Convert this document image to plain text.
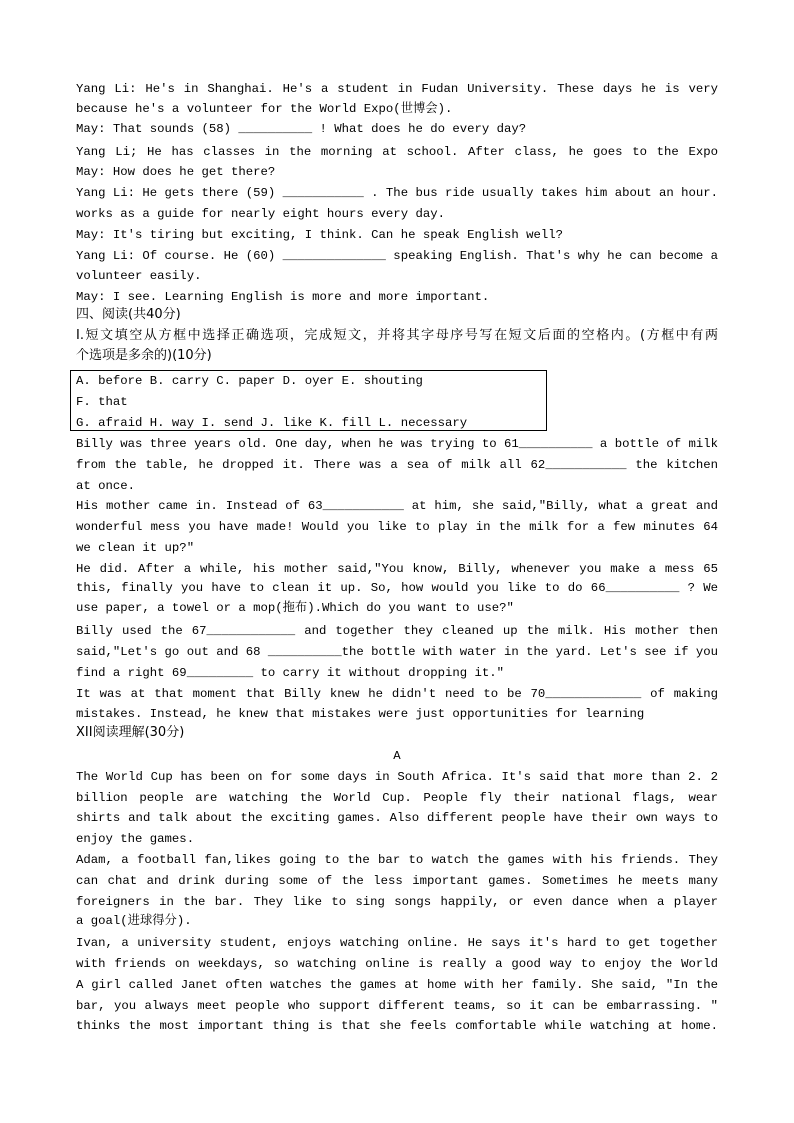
Yang Li: He's in Shanghai. He's a student in Fudan University. These days he is very
because he's a volunteer for the World Expo(世博会).
May: That sounds (58) __________ ! What does he do every day?
Yang Li; He has classes in the morning at school. After class, he goes to the Expo
May: How does he get there?
Yang Li: He gets there (59) ___________ . The bus ride usually takes him about an hour.
works as a guide for nearly eight hours every day.
May: It's tiring but exciting, I think. Can he speak English well?
Yang Li: Of course. He (60) ______________ speaking English. That's why he can become a
volunteer easily.
May: I see. Learning English is more and more important.
四、阅读(共40分)
I.短文填空从方框中选择正确选项，完成短文，并将其字母序号写在短文后面的空格内。(方框中有两
个选项是多余的)(10分)
A. before B. carry C. paper D. oyer E. shouting
F. that
G. afraid H. way I. send J. like K. fill L. necessary
Billy was three years old. One day, when he was trying to 61__________ a bottle of milk
from the table, he dropped it. There was a sea of milk all 62___________ the kitchen
at once.
His mother came in. Instead of 63___________ at him, she said,"Billy, what a great and
wonderful mess you have made! Would you like to play in the milk for a few minutes 64
we clean it up?"
He did. After a while, his mother said,"You know, Billy, whenever you make a mess 65
this, finally you have to clean it up. So, how would you like to do 66__________ ? We
use paper, a towel or a mop(拖布).Which do you want to use?"
Billy used the 67____________ and together they cleaned up the milk. His mother then
said,"Let's go out and 68 __________the bottle with water in the yard. Let's see if you
find a right 69_________ to carry it without dropping it."
It was at that moment that Billy knew he didn't need to be 70_____________ of making
mistakes. Instead, he knew that mistakes were just opportunities for learning
XII阅读理解(30分)
A
The World Cup has been on for some days in South Africa. It's said that more than 2. 2
billion people are watching the World Cup. People fly their national flags, wear
shirts and talk about the exciting games. Also different people have their own ways to
enjoy the games.
Adam, a football fan,likes going to the bar to watch the games with his friends. They
can chat and drink during some of the less important games. Sometimes he meets many
foreigners in the bar. They like to sing songs happily, or even dance when a player
a goal(进球得分).
Ivan, a university student, enjoys watching online. He says it's hard to get together
with friends on weekdays, so watching online is really a good way to enjoy the World
A girl called Janet often watches the games at home with her family. She said, "In the
bar, you always meet people who support different teams, so it can be embarrassing. "
thinks the most important thing is that she feels comfortable while watching at home.
